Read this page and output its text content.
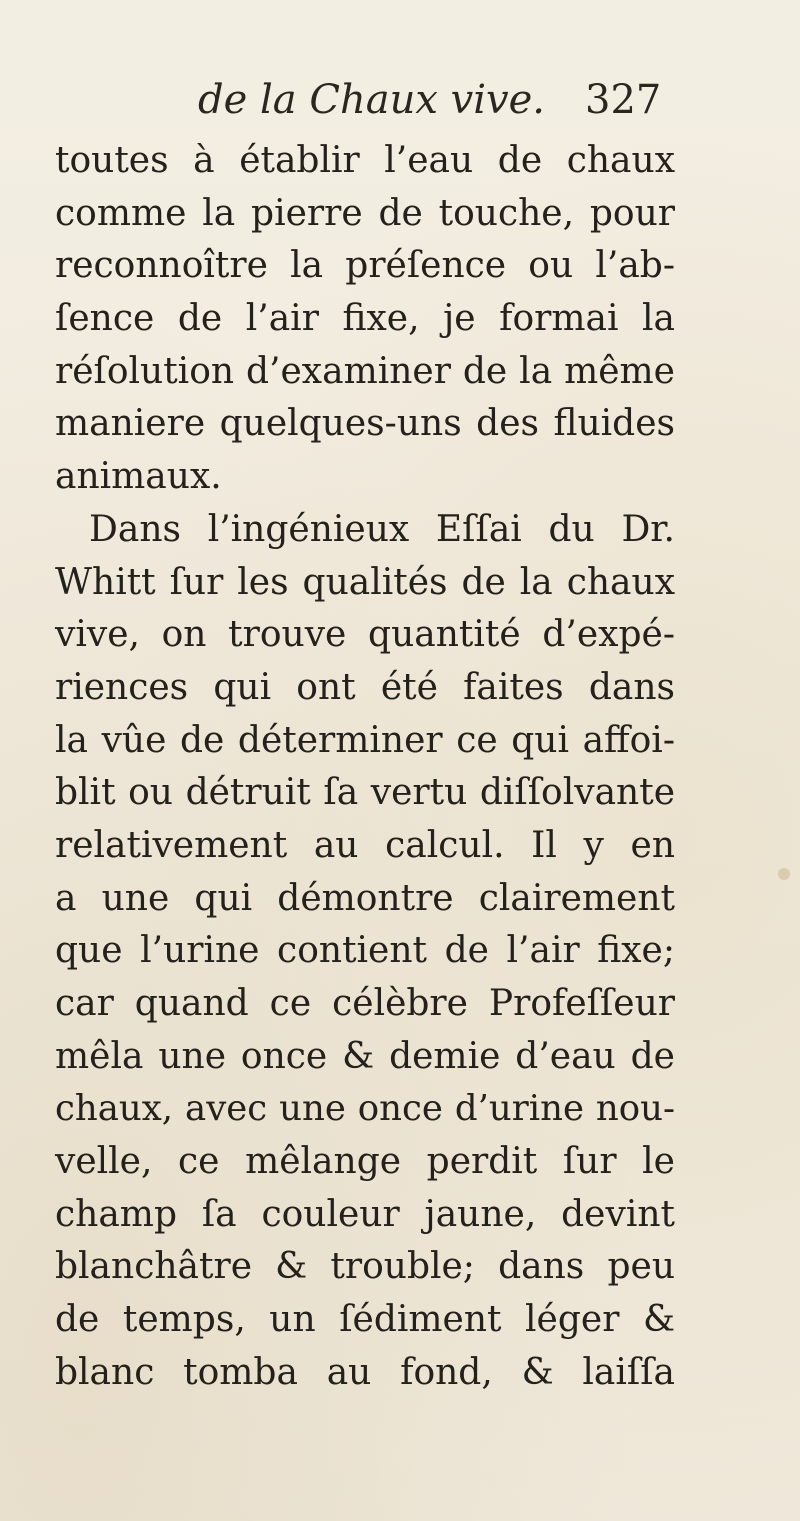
de la Chaux vive. 327
toutes à établir l’eau de chaux
comme la pierre de touche, pour
reconnoître la préſence ou l’ab-
ſence de l’air fixe, je formai la
réſolution d’examiner de la même
maniere quelques-uns des fluides
animaux.
Dans l’ingénieux Eſſai du Dr.
Whitt ſur les qualités de la chaux
vive, on trouve quantité d’expé-
riences qui ont été faites dans
la vûe de déterminer ce qui affoi-
blit ou détruit ſa vertu diſſolvante
relativement au calcul. Il y en
a une qui démontre clairement
que l’urine contient de l’air fixe;
car quand ce célèbre Profeſſeur
mêla une once & demie d’eau de
chaux, avec une once d’urine nou-
velle, ce mêlange perdit ſur le
champ ſa couleur jaune, devint
blanchâtre & trouble; dans peu
de temps, un ſédiment léger &
blanc tomba au fond, & laiſſa
